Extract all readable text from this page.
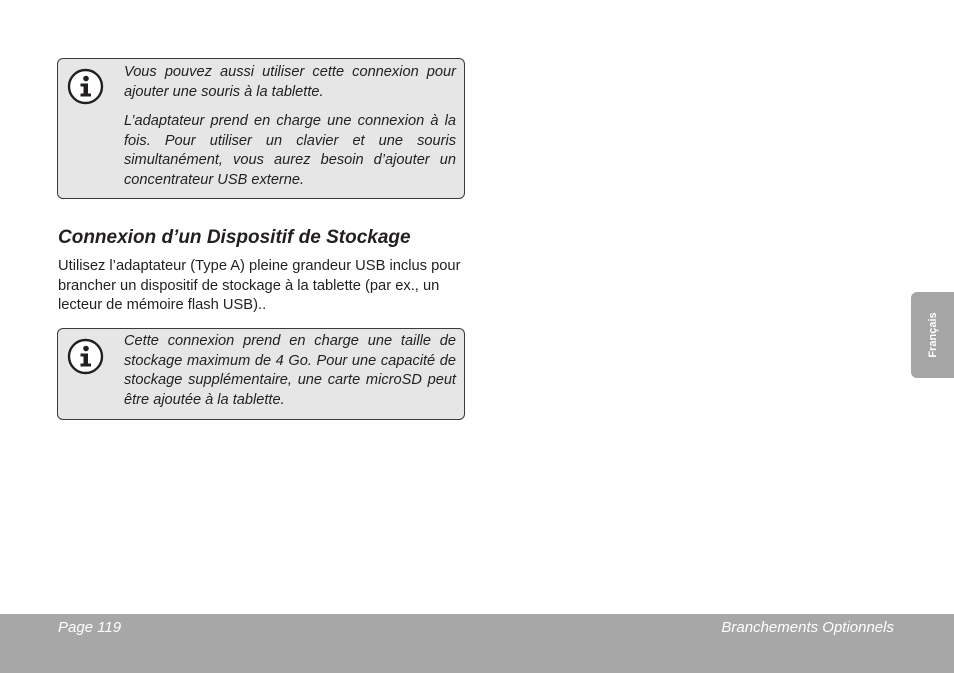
Vous pouvez aussi utiliser cette connexion pour ajouter une souris à la tablette.
L’adaptateur prend en charge une connexion à la fois. Pour utiliser un clavier et une souris simultanément, vous aurez besoin d’ajouter un concentrateur USB externe.
Connexion d’un Dispositif de Stockage
Utilisez l’adaptateur (Type A) pleine grandeur USB inclus pour brancher un dispositif de stockage à la tablette (par ex., un lecteur de mémoire flash USB)..
Cette connexion prend en charge une taille de stockage maximum de 4 Go. Pour une capacité de stockage supplémentaire, une carte microSD peut être ajoutée à la tablette.
Français
Page 119	Branchements Optionnels
